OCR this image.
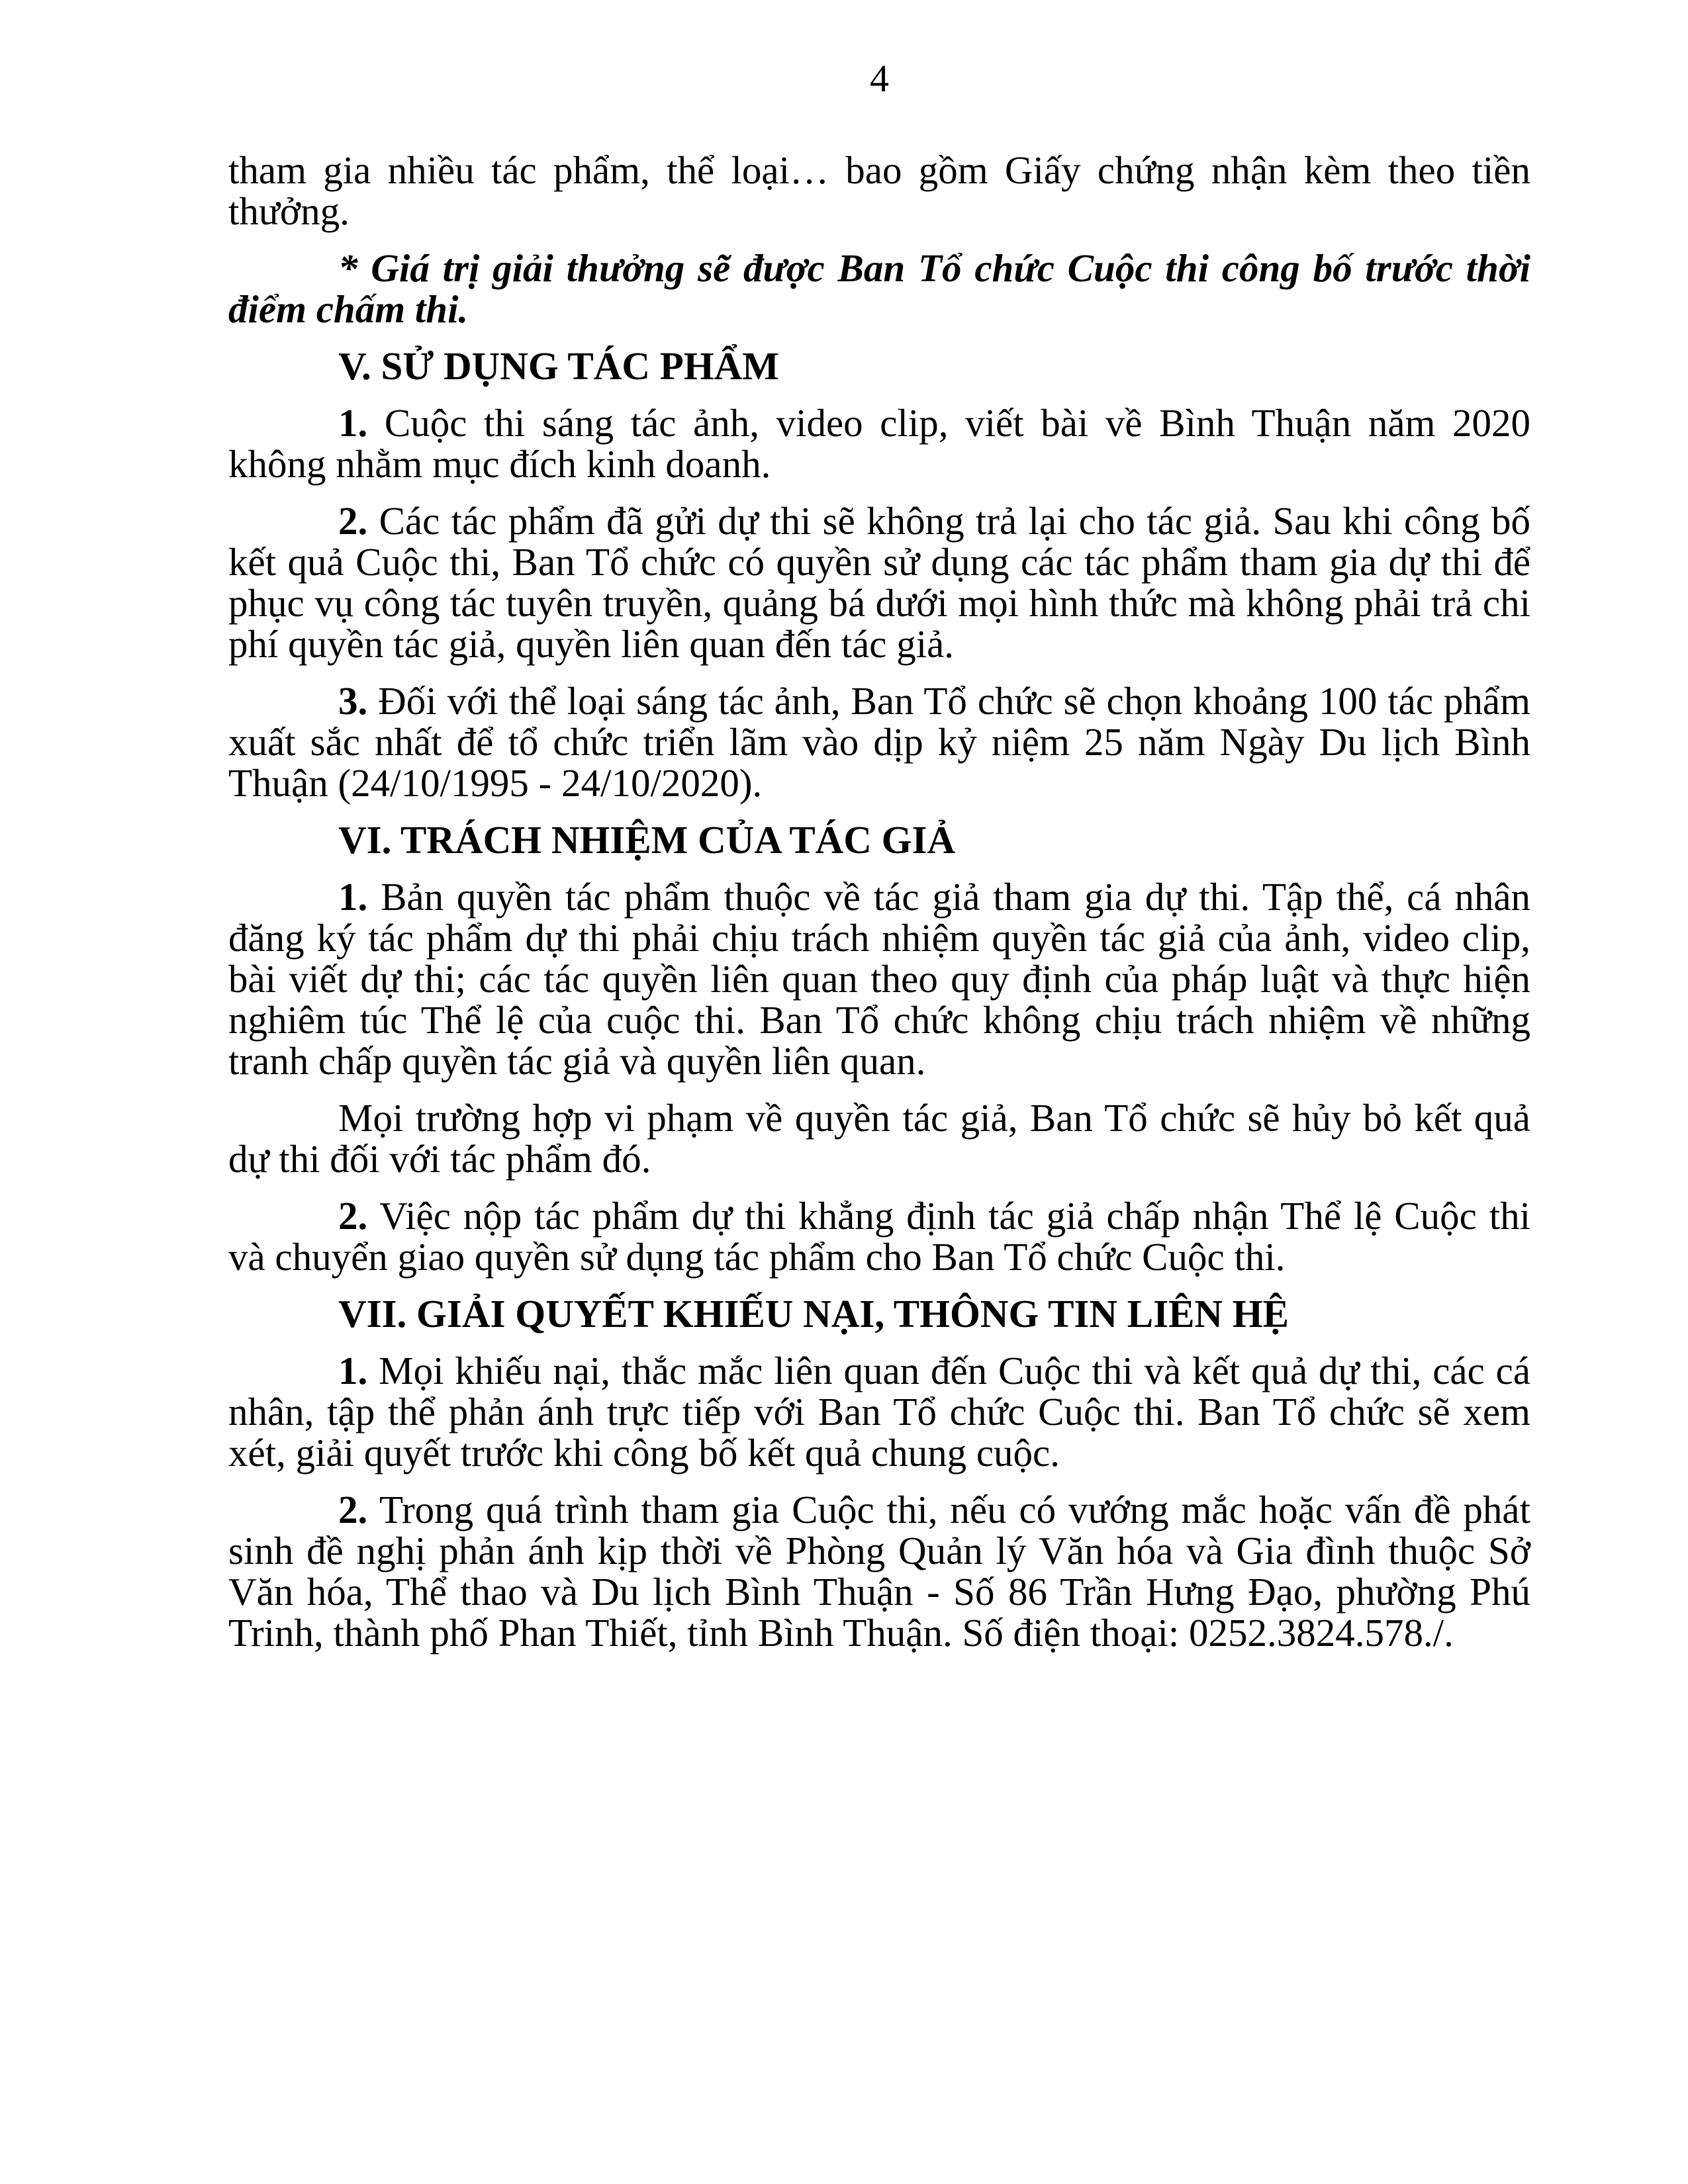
4

tham gia nhiều tác phẩm, thể loại… bao gồm Giấy chứng nhận kèm theo tiền thưởng.

* Giá trị giải thưởng sẽ được Ban Tổ chức Cuộc thi công bố trước thời điểm chấm thi.

V. SỬ DỤNG TÁC PHẨM

1. Cuộc thi sáng tác ảnh, video clip, viết bài về Bình Thuận năm 2020 không nhằm mục đích kinh doanh.

2. Các tác phẩm đã gửi dự thi sẽ không trả lại cho tác giả. Sau khi công bố kết quả Cuộc thi, Ban Tổ chức có quyền sử dụng các tác phẩm tham gia dự thi để phục vụ công tác tuyên truyền, quảng bá dưới mọi hình thức mà không phải trả chi phí quyền tác giả, quyền liên quan đến tác giả.

3. Đối với thể loại sáng tác ảnh, Ban Tổ chức sẽ chọn khoảng 100 tác phẩm xuất sắc nhất để tổ chức triển lãm vào dịp kỷ niệm 25 năm Ngày Du lịch Bình Thuận (24/10/1995 - 24/10/2020).

VI. TRÁCH NHIỆM CỦA TÁC GIẢ

1. Bản quyền tác phẩm thuộc về tác giả tham gia dự thi. Tập thể, cá nhân đăng ký tác phẩm dự thi phải chịu trách nhiệm quyền tác giả của ảnh, video clip, bài viết dự thi; các tác quyền liên quan theo quy định của pháp luật và thực hiện nghiêm túc Thể lệ của cuộc thi. Ban Tổ chức không chịu trách nhiệm về những tranh chấp quyền tác giả và quyền liên quan.

Mọi trường hợp vi phạm về quyền tác giả, Ban Tổ chức sẽ hủy bỏ kết quả dự thi đối với tác phẩm đó.

2. Việc nộp tác phẩm dự thi khẳng định tác giả chấp nhận Thể lệ Cuộc thi và chuyển giao quyền sử dụng tác phẩm cho Ban Tổ chức Cuộc thi.

VII. GIẢI QUYẾT KHIẾU NẠI, THÔNG TIN LIÊN HỆ

1. Mọi khiếu nại, thắc mắc liên quan đến Cuộc thi và kết quả dự thi, các cá nhân, tập thể phản ánh trực tiếp với Ban Tổ chức Cuộc thi. Ban Tổ chức sẽ xem xét, giải quyết trước khi công bố kết quả chung cuộc.

2. Trong quá trình tham gia Cuộc thi, nếu có vướng mắc hoặc vấn đề phát sinh đề nghị phản ánh kịp thời về Phòng Quản lý Văn hóa và Gia đình thuộc Sở Văn hóa, Thể thao và Du lịch Bình Thuận - Số 86 Trần Hưng Đạo, phường Phú Trinh, thành phố Phan Thiết, tỉnh Bình Thuận. Số điện thoại: 0252.3824.578./.
